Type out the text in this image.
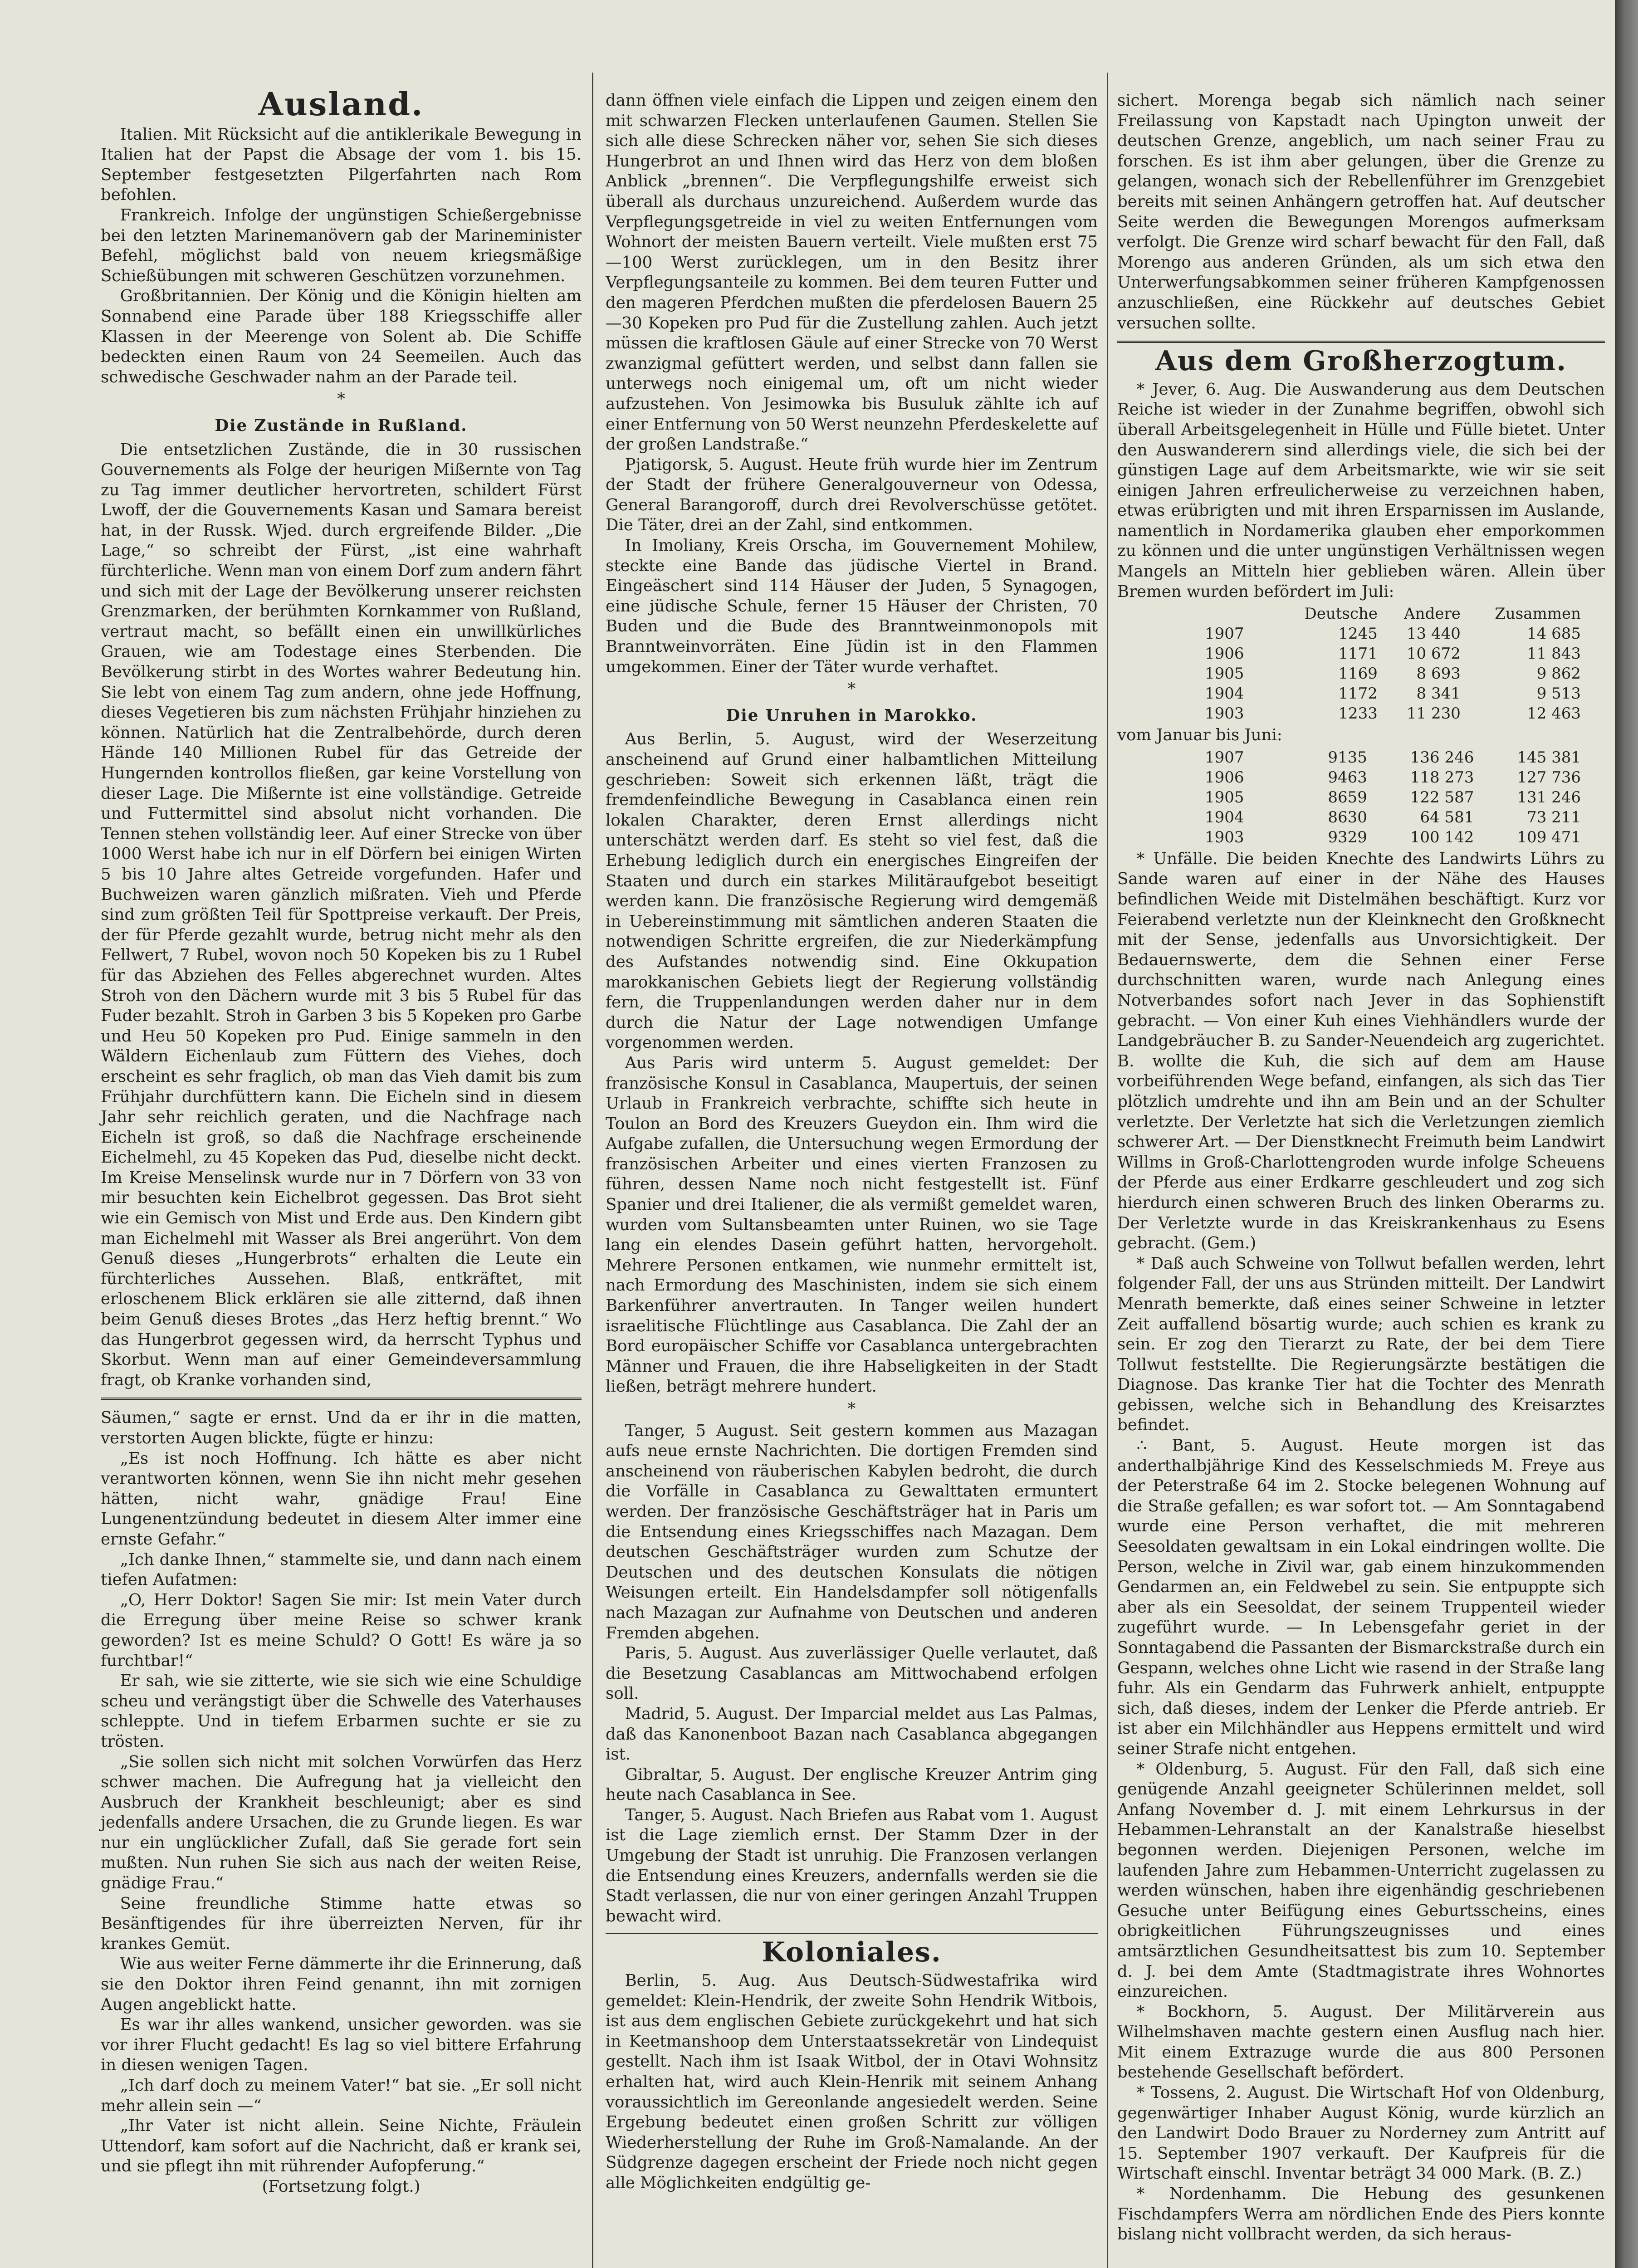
Ausland.

Italien. Mit Rücksicht auf die antiklerikale Bewegung in Italien hat der Papst die Absage der vom 1. bis 15. September festgesetzten Pilgerfahrten nach Rom befohlen.

Frankreich. Infolge der ungünstigen Schießergebnisse bei den letzten Marinemanövern gab der Marineminister Befehl, möglichst bald von neuem kriegsmäßige Schießübungen mit schweren Geschützen vorzunehmen.

Großbritannien. Der König und die Königin hielten am Sonnabend eine Parade über 188 Kriegsschiffe aller Klassen in der Meerenge von Solent ab. Die Schiffe bedeckten einen Raum von 24 Seemeilen. Auch das schwedische Geschwader nahm an der Parade teil.

*
Die Zustände in Rußland.

Die entsetzlichen Zustände, die in 30 russischen Gouvernements als Folge der heurigen Mißernte von Tag zu Tag immer deutlicher hervortreten, schildert Fürst Lwoff, der die Gouvernements Kasan und Samara bereist hat, in der Russk. Wjed. durch ergreifende Bilder. „Die Lage,“ so schreibt der Fürst, „ist eine wahrhaft fürchterliche. Wenn man von einem Dorf zum andern fährt und sich mit der Lage der Bevölkerung unserer reichsten Grenzmarken, der berühmten Kornkammer von Rußland, vertraut macht, so befällt einen ein unwillkürliches Grauen, wie am Todestage eines Sterbenden. Die Bevölkerung stirbt in des Wortes wahrer Bedeutung hin. Sie lebt von einem Tag zum andern, ohne jede Hoffnung, dieses Vegetieren bis zum nächsten Frühjahr hinziehen zu können. Natürlich hat die Zentralbehörde, durch deren Hände 140 Millionen Rubel für das Getreide der Hungernden kontrollos fließen, gar keine Vorstellung von dieser Lage. Die Mißernte ist eine vollständige. Getreide und Futtermittel sind absolut nicht vorhanden. Die Tennen stehen vollständig leer. Auf einer Strecke von über 1000 Werst habe ich nur in elf Dörfern bei einigen Wirten 5 bis 10 Jahre altes Getreide vorgefunden. Hafer und Buchweizen waren gänzlich mißraten. Vieh und Pferde sind zum größten Teil für Spottpreise verkauft. Der Preis, der für Pferde gezahlt wurde, betrug nicht mehr als den Fellwert, 7 Rubel, wovon noch 50 Kopeken bis zu 1 Rubel für das Abziehen des Felles abgerechnet wurden. Altes Stroh von den Dächern wurde mit 3 bis 5 Rubel für das Fuder bezahlt. Stroh in Garben 3 bis 5 Kopeken pro Garbe und Heu 50 Kopeken pro Pud. Einige sammeln in den Wäldern Eichenlaub zum Füttern des Viehes, doch erscheint es sehr fraglich, ob man das Vieh damit bis zum Frühjahr durchfüttern kann. Die Eicheln sind in diesem Jahr sehr reichlich geraten, und die Nachfrage nach Eicheln ist groß, so daß die Nachfrage erscheinende Eichelmehl, zu 45 Kopeken das Pud, dieselbe nicht deckt. Im Kreise Menselinsk wurde nur in 7 Dörfern von 33 von mir besuchten kein Eichelbrot gegessen. Das Brot sieht wie ein Gemisch von Mist und Erde aus. Den Kindern gibt man Eichelmehl mit Wasser als Brei angerührt. Von dem Genuß dieses „Hungerbrots“ erhalten die Leute ein fürchterliches Aussehen. Blaß, entkräftet, mit erloschenem Blick erklären sie alle zitternd, daß ihnen beim Genuß dieses Brotes „das Herz heftig brennt.“ Wo das Hungerbrot gegessen wird, da herrscht Typhus und Skorbut. Wenn man auf einer Gemeindeversammlung fragt, ob Kranke vorhanden sind,

Säumen,“ sagte er ernst. Und da er ihr in die matten, verstorten Augen blickte, fügte er hinzu:

„Es ist noch Hoffnung. Ich hätte es aber nicht verantworten können, wenn Sie ihn nicht mehr gesehen hätten, nicht wahr, gnädige Frau! Eine Lungenentzündung bedeutet in diesem Alter immer eine ernste Gefahr.“

„Ich danke Ihnen,“ stammelte sie, und dann nach einem tiefen Aufatmen:

„O, Herr Doktor! Sagen Sie mir: Ist mein Vater durch die Erregung über meine Reise so schwer krank geworden? Ist es meine Schuld? O Gott! Es wäre ja so furchtbar!“

Er sah, wie sie zitterte, wie sie sich wie eine Schuldige scheu und verängstigt über die Schwelle des Vaterhauses schleppte. Und in tiefem Erbarmen suchte er sie zu trösten.

„Sie sollen sich nicht mit solchen Vorwürfen das Herz schwer machen. Die Aufregung hat ja vielleicht den Ausbruch der Krankheit beschleunigt; aber es sind jedenfalls andere Ursachen, die zu Grunde liegen. Es war nur ein unglücklicher Zufall, daß Sie gerade fort sein mußten. Nun ruhen Sie sich aus nach der weiten Reise, gnädige Frau.“

Seine freundliche Stimme hatte etwas so Besänftigendes für ihre überreizten Nerven, für ihr krankes Gemüt.

Wie aus weiter Ferne dämmerte ihr die Erinnerung, daß sie den Doktor ihren Feind genannt, ihn mit zornigen Augen angeblickt hatte.

Es war ihr alles wankend, unsicher geworden. was sie vor ihrer Flucht gedacht! Es lag so viel bittere Erfahrung in diesen wenigen Tagen.

„Ich darf doch zu meinem Vater!“ bat sie. „Er soll nicht mehr allein sein —“

„Ihr Vater ist nicht allein. Seine Nichte, Fräulein Uttendorf, kam sofort auf die Nachricht, daß er krank sei, und sie pflegt ihn mit rührender Aufopferung.“

(Fortsetzung folgt.)

dann öffnen viele einfach die Lippen und zeigen einem den mit schwarzen Flecken unterlaufenen Gaumen. Stellen Sie sich alle diese Schrecken näher vor, sehen Sie sich dieses Hungerbrot an und Ihnen wird das Herz von dem bloßen Anblick „brennen“. Die Verpflegungshilfe erweist sich überall als durchaus unzureichend. Außerdem wurde das Verpflegungsgetreide in viel zu weiten Entfernungen vom Wohnort der meisten Bauern verteilt. Viele mußten erst 75—100 Werst zurücklegen, um in den Besitz ihrer Verpflegungsanteile zu kommen. Bei dem teuren Futter und den mageren Pferdchen mußten die pferdelosen Bauern 25—30 Kopeken pro Pud für die Zustellung zahlen. Auch jetzt müssen die kraftlosen Gäule auf einer Strecke von 70 Werst zwanzigmal gefüttert werden, und selbst dann fallen sie unterwegs noch einigemal um, oft um nicht wieder aufzustehen. Von Jesimowka bis Busuluk zählte ich auf einer Entfernung von 50 Werst neunzehn Pferdeskelette auf der großen Landstraße.“

Pjatigorsk, 5. August. Heute früh wurde hier im Zentrum der Stadt der frühere Generalgouverneur von Odessa, General Barangoroff, durch drei Revolverschüsse getötet. Die Täter, drei an der Zahl, sind entkommen.

In Imoliany, Kreis Orscha, im Gouvernement Mohilew, steckte eine Bande das jüdische Viertel in Brand. Eingeäschert sind 114 Häuser der Juden, 5 Synagogen, eine jüdische Schule, ferner 15 Häuser der Christen, 70 Buden und die Bude des Branntweinmonopols mit Branntweinvorräten. Eine Jüdin ist in den Flammen umgekommen. Einer der Täter wurde verhaftet.

*
Die Unruhen in Marokko.

Aus Berlin, 5. August, wird der Weserzeitung anscheinend auf Grund einer halbamtlichen Mitteilung geschrieben: Soweit sich erkennen läßt, trägt die fremdenfeindliche Bewegung in Casablanca einen rein lokalen Charakter, deren Ernst allerdings nicht unterschätzt werden darf. Es steht so viel fest, daß die Erhebung lediglich durch ein energisches Eingreifen der Staaten und durch ein starkes Militäraufgebot beseitigt werden kann. Die französische Regierung wird demgemäß in Uebereinstimmung mit sämtlichen anderen Staaten die notwendigen Schritte ergreifen, die zur Niederkämpfung des Aufstandes notwendig sind. Eine Okkupation marokkanischen Gebiets liegt der Regierung vollständig fern, die Truppenlandungen werden daher nur in dem durch die Natur der Lage notwendigen Umfange vorgenommen werden.

Aus Paris wird unterm 5. August gemeldet: Der französische Konsul in Casablanca, Maupertuis, der seinen Urlaub in Frankreich verbrachte, schiffte sich heute in Toulon an Bord des Kreuzers Gueydon ein. Ihm wird die Aufgabe zufallen, die Untersuchung wegen Ermordung der französischen Arbeiter und eines vierten Franzosen zu führen, dessen Name noch nicht festgestellt ist. Fünf Spanier und drei Italiener, die als vermißt gemeldet waren, wurden vom Sultansbeamten unter Ruinen, wo sie Tage lang ein elendes Dasein geführt hatten, hervorgeholt. Mehrere Personen entkamen, wie nunmehr ermittelt ist, nach Ermordung des Maschinisten, indem sie sich einem Barkenführer anvertrauten. In Tanger weilen hundert israelitische Flüchtlinge aus Casablanca. Die Zahl der an Bord europäischer Schiffe vor Casablanca untergebrachten Männer und Frauen, die ihre Habseligkeiten in der Stadt ließen, beträgt mehrere hundert.

*

Tanger, 5 August. Seit gestern kommen aus Mazagan aufs neue ernste Nachrichten. Die dortigen Fremden sind anscheinend von räuberischen Kabylen bedroht, die durch die Vorfälle in Casablanca zu Gewalttaten ermuntert werden. Der französische Geschäftsträger hat in Paris um die Entsendung eines Kriegsschiffes nach Mazagan. Dem deutschen Geschäftsträger wurden zum Schutze der Deutschen und des deutschen Konsulats die nötigen Weisungen erteilt. Ein Handelsdampfer soll nötigenfalls nach Mazagan zur Aufnahme von Deutschen und anderen Fremden abgehen.

Paris, 5. August. Aus zuverlässiger Quelle verlautet, daß die Besetzung Casablancas am Mittwochabend erfolgen soll.

Madrid, 5. August. Der Imparcial meldet aus Las Palmas, daß das Kanonenboot Bazan nach Casablanca abgegangen ist.

Gibraltar, 5. August. Der englische Kreuzer Antrim ging heute nach Casablanca in See.

Tanger, 5. August. Nach Briefen aus Rabat vom 1. August ist die Lage ziemlich ernst. Der Stamm Dzer in der Umgebung der Stadt ist unruhig. Die Franzosen verlangen die Entsendung eines Kreuzers, andernfalls werden sie die Stadt verlassen, die nur von einer geringen Anzahl Truppen bewacht wird.

Koloniales.

Berlin, 5. Aug. Aus Deutsch-Südwestafrika wird gemeldet: Klein-Hendrik, der zweite Sohn Hendrik Witbois, ist aus dem englischen Gebiete zurückgekehrt und hat sich in Keetmanshoop dem Unterstaatssekretär von Lindequist gestellt. Nach ihm ist Isaak Witbol, der in Otavi Wohnsitz erhalten hat, wird auch Klein-Henrik mit seinem Anhang voraussichtlich im Gereonlande angesiedelt werden. Seine Ergebung bedeutet einen großen Schritt zur völligen Wiederherstellung der Ruhe im Groß-Namalande. An der Südgrenze dagegen erscheint der Friede noch nicht gegen alle Möglichkeiten endgültig ge-

sichert. Morenga begab sich nämlich nach seiner Freilassung von Kapstadt nach Upington unweit der deutschen Grenze, angeblich, um nach seiner Frau zu forschen. Es ist ihm aber gelungen, über die Grenze zu gelangen, wonach sich der Rebellenführer im Grenzgebiet bereits mit seinen Anhängern getroffen hat. Auf deutscher Seite werden die Bewegungen Morengos aufmerksam verfolgt. Die Grenze wird scharf bewacht für den Fall, daß Morengo aus anderen Gründen, als um sich etwa den Unterwerfungsabkommen seiner früheren Kampfgenossen anzuschließen, eine Rückkehr auf deutsches Gebiet versuchen sollte.

Aus dem Großherzogtum.

* Jever, 6. Aug. Die Auswanderung aus dem Deutschen Reiche ist wieder in der Zunahme begriffen, obwohl sich überall Arbeitsgelegenheit in Hülle und Fülle bietet. Unter den Auswanderern sind allerdings viele, die sich bei der günstigen Lage auf dem Arbeitsmarkte, wie wir sie seit einigen Jahren erfreulicherweise zu verzeichnen haben, etwas erübrigten und mit ihren Ersparnissen im Auslande, namentlich in Nordamerika glauben eher emporkommen zu können und die unter ungünstigen Verhältnissen wegen Mangels an Mitteln hier geblieben wären. Allein über Bremen wurden befördert im Juli:

	Deutsche	Andere	Zusammen
1907	1245	13 440	14 685
1906	1171	10 672	11 843
1905	1169	8 693	9 862
1904	1172	8 341	9 513
1903	1233	11 230	12 463

vom Januar bis Juni:

1907	9135	136 246	145 381
1906	9463	118 273	127 736
1905	8659	122 587	131 246
1904	8630	64 581	73 211
1903	9329	100 142	109 471

* Unfälle. Die beiden Knechte des Landwirts Lührs zu Sande waren auf einer in der Nähe des Hauses befindlichen Weide mit Distelmähen beschäftigt. Kurz vor Feierabend verletzte nun der Kleinknecht den Großknecht mit der Sense, jedenfalls aus Unvorsichtigkeit. Der Bedauernswerte, dem die Sehnen einer Ferse durchschnitten waren, wurde nach Anlegung eines Notverbandes sofort nach Jever in das Sophienstift gebracht. — Von einer Kuh eines Viehhändlers wurde der Landgebräucher B. zu Sander-Neuendeich arg zugerichtet. B. wollte die Kuh, die sich auf dem am Hause vorbeiführenden Wege befand, einfangen, als sich das Tier plötzlich umdrehte und ihn am Bein und an der Schulter verletzte. Der Verletzte hat sich die Verletzungen ziemlich schwerer Art. — Der Dienstknecht Freimuth beim Landwirt Willms in Groß-Charlottengroden wurde infolge Scheuens der Pferde aus einer Erdkarre geschleudert und zog sich hierdurch einen schweren Bruch des linken Oberarms zu. Der Verletzte wurde in das Kreiskrankenhaus zu Esens gebracht. (Gem.)

* Daß auch Schweine von Tollwut befallen werden, lehrt folgender Fall, der uns aus Stründen mitteilt. Der Landwirt Menrath bemerkte, daß eines seiner Schweine in letzter Zeit auffallend bösartig wurde; auch schien es krank zu sein. Er zog den Tierarzt zu Rate, der bei dem Tiere Tollwut feststellte. Die Regierungsärzte bestätigen die Diagnose. Das kranke Tier hat die Tochter des Menrath gebissen, welche sich in Behandlung des Kreisarztes befindet.

∴ Bant, 5. August. Heute morgen ist das anderthalbjährige Kind des Kesselschmieds M. Freye aus der Peterstraße 64 im 2. Stocke belegenen Wohnung auf die Straße gefallen; es war sofort tot. — Am Sonntagabend wurde eine Person verhaftet, die mit mehreren Seesoldaten gewaltsam in ein Lokal eindringen wollte. Die Person, welche in Zivil war, gab einem hinzukommenden Gendarmen an, ein Feldwebel zu sein. Sie entpuppte sich aber als ein Seesoldat, der seinem Truppenteil wieder zugeführt wurde. — In Lebensgefahr geriet in der Sonntagabend die Passanten der Bismarckstraße durch ein Gespann, welches ohne Licht wie rasend in der Straße lang fuhr. Als ein Gendarm das Fuhrwerk anhielt, entpuppte sich, daß dieses, indem der Lenker die Pferde antrieb. Er ist aber ein Milchhändler aus Heppens ermittelt und wird seiner Strafe nicht entgehen.

* Oldenburg, 5. August. Für den Fall, daß sich eine genügende Anzahl geeigneter Schülerinnen meldet, soll Anfang November d. J. mit einem Lehrkursus in der Hebammen-Lehranstalt an der Kanalstraße hieselbst begonnen werden. Diejenigen Personen, welche im laufenden Jahre zum Hebammen-Unterricht zugelassen zu werden wünschen, haben ihre eigenhändig geschriebenen Gesuche unter Beifügung eines Geburtsscheins, eines obrigkeitlichen Führungszeugnisses und eines amtsärztlichen Gesundheitsattest bis zum 10. September d. J. bei dem Amte (Stadtmagistrate ihres Wohnortes einzureichen.

* Bockhorn, 5. August. Der Militärverein aus Wilhelmshaven machte gestern einen Ausflug nach hier. Mit einem Extrazuge wurde die aus 800 Personen bestehende Gesellschaft befördert.

* Tossens, 2. August. Die Wirtschaft Hof von Oldenburg, gegenwärtiger Inhaber August König, wurde kürzlich an den Landwirt Dodo Brauer zu Norderney zum Antritt auf 15. September 1907 verkauft. Der Kaufpreis für die Wirtschaft einschl. Inventar beträgt 34 000 Mark. (B. Z.)

* Nordenhamm. Die Hebung des gesunkenen Fischdampfers Werra am nördlichen Ende des Piers konnte bislang nicht vollbracht werden, da sich heraus-
